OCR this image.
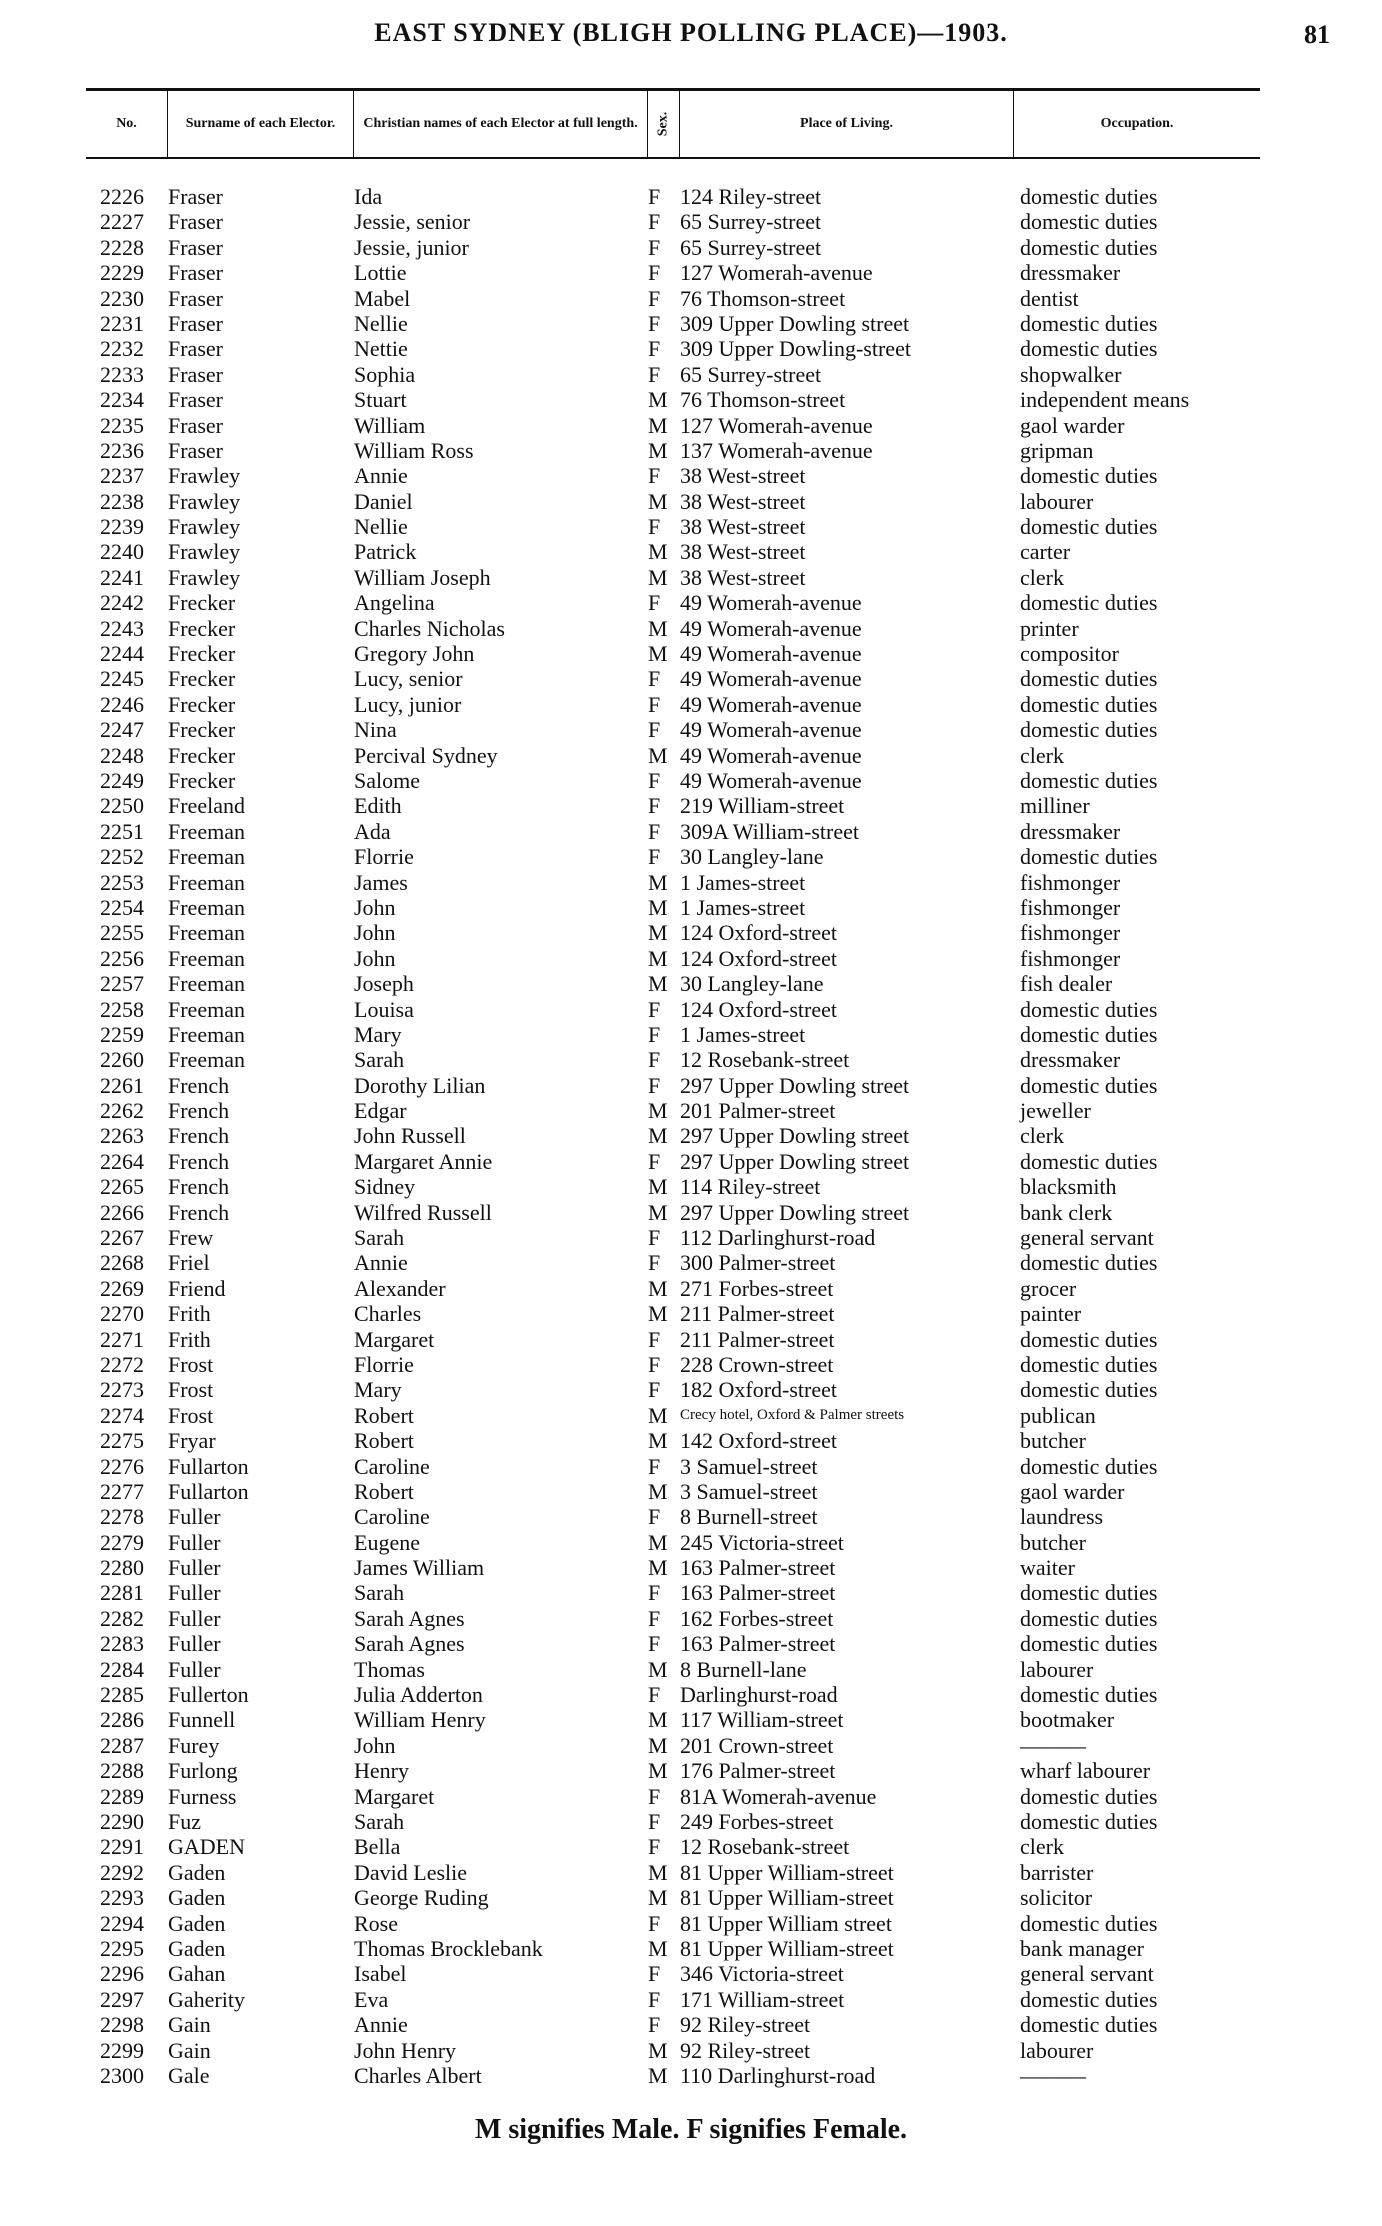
EAST SYDNEY (BLIGH POLLING PLACE)—1903.	81
No.	Surname of each Elector.	Christian names of each Elector at full length.	Sex.	Place of Living.	Occupation.
2226 Fraser	Ida	F 124 Riley-street	domestic duties
2227 Fraser	Jessie, senior	F 65 Surrey-street	domestic duties
2228 Fraser	Jessie, junior	F 65 Surrey-street	domestic duties
2229 Fraser	Lottie	F 127 Womerah-avenue	dressmaker
2230 Fraser	Mabel	F 76 Thomson-street	dentist
2231 Fraser	Nellie	F 309 Upper Dowling street	domestic duties
2232 Fraser	Nettie	F 309 Upper Dowling-street	domestic duties
2233 Fraser	Sophia	F 65 Surrey-street	shopwalker
2234 Fraser	Stuart	M 76 Thomson-street	independent means
2235 Fraser	William	M 127 Womerah-avenue	gaol warder
2236 Fraser	William Ross	M 137 Womerah-avenue	gripman
2237 Frawley	Annie	F 38 West-street	domestic duties
2238 Frawley	Daniel	M 38 West-street	labourer
2239 Frawley	Nellie	F 38 West-street	domestic duties
2240 Frawley	Patrick	M 38 West-street	carter
2241 Frawley	William Joseph	M 38 West-street	clerk
2242 Frecker	Angelina	F 49 Womerah-avenue	domestic duties
2243 Frecker	Charles Nicholas	M 49 Womerah-avenue	printer
2244 Frecker	Gregory John	M 49 Womerah-avenue	compositor
2245 Frecker	Lucy, senior	F 49 Womerah-avenue	domestic duties
2246 Frecker	Lucy, junior	F 49 Womerah-avenue	domestic duties
2247 Frecker	Nina	F 49 Womerah-avenue	domestic duties
2248 Frecker	Percival Sydney	M 49 Womerah-avenue	clerk
2249 Frecker	Salome	F 49 Womerah-avenue	domestic duties
2250 Freeland	Edith	F 219 William-street	milliner
2251 Freeman	Ada	F 309A William-street	dressmaker
2252 Freeman	Florrie	F 30 Langley-lane	domestic duties
2253 Freeman	James	M 1 James-street	fishmonger
2254 Freeman	John	M 1 James-street	fishmonger
2255 Freeman	John	M 124 Oxford-street	fishmonger
2256 Freeman	John	M 124 Oxford-street	fishmonger
2257 Freeman	Joseph	M 30 Langley-lane	fish dealer
2258 Freeman	Louisa	F 124 Oxford-street	domestic duties
2259 Freeman	Mary	F 1 James-street	domestic duties
2260 Freeman	Sarah	F 12 Rosebank-street	dressmaker
2261 French	Dorothy Lilian	F 297 Upper Dowling street	domestic duties
2262 French	Edgar	M 201 Palmer-street	jeweller
2263 French	John Russell	M 297 Upper Dowling street	clerk
2264 French	Margaret Annie	F 297 Upper Dowling street	domestic duties
2265 French	Sidney	M 114 Riley-street	blacksmith
2266 French	Wilfred Russell	M 297 Upper Dowling street	bank clerk
2267 Frew	Sarah	F 112 Darlinghurst-road	general servant
2268 Friel	Annie	F 300 Palmer-street	domestic duties
2269 Friend	Alexander	M 271 Forbes-street	grocer
2270 Frith	Charles	M 211 Palmer-street	painter
2271 Frith	Margaret	F 211 Palmer-street	domestic duties
2272 Frost	Florrie	F 228 Crown-street	domestic duties
2273 Frost	Mary	F 182 Oxford-street	domestic duties
2274 Frost	Robert	M Crecy hotel, Oxford & Palmer streets	publican
2275 Fryar	Robert	M 142 Oxford-street	butcher
2276 Fullarton	Caroline	F 3 Samuel-street	domestic duties
2277 Fullarton	Robert	M 3 Samuel-street	gaol warder
2278 Fuller	Caroline	F 8 Burnell-street	laundress
2279 Fuller	Eugene	M 245 Victoria-street	butcher
2280 Fuller	James William	M 163 Palmer-street	waiter
2281 Fuller	Sarah	F 163 Palmer-street	domestic duties
2282 Fuller	Sarah Agnes	F 162 Forbes-street	domestic duties
2283 Fuller	Sarah Agnes	F 163 Palmer-street	domestic duties
2284 Fuller	Thomas	M 8 Burnell-lane	labourer
2285 Fullerton	Julia Adderton	F Darlinghurst-road	domestic duties
2286 Funnell	William Henry	M 117 William-street	bootmaker
2287 Furey	John	M 201 Crown-street	———
2288 Furlong	Henry	M 176 Palmer-street	wharf labourer
2289 Furness	Margaret	F 81A Womerah-avenue	domestic duties
2290 Fuz	Sarah	F 249 Forbes-street	domestic duties
2291 GADEN	Bella	F 12 Rosebank-street	clerk
2292 Gaden	David Leslie	M 81 Upper William-street	barrister
2293 Gaden	George Ruding	M 81 Upper William-street	solicitor
2294 Gaden	Rose	F 81 Upper William street	domestic duties
2295 Gaden	Thomas Brocklebank	M 81 Upper William-street	bank manager
2296 Gahan	Isabel	F 346 Victoria-street	general servant
2297 Gaherity	Eva	F 171 William-street	domestic duties
2298 Gain	Annie	F 92 Riley-street	domestic duties
2299 Gain	John Henry	M 92 Riley-street	labourer
2300 Gale	Charles Albert	M 110 Darlinghurst-road	———
M signifies Male. F signifies Female.
